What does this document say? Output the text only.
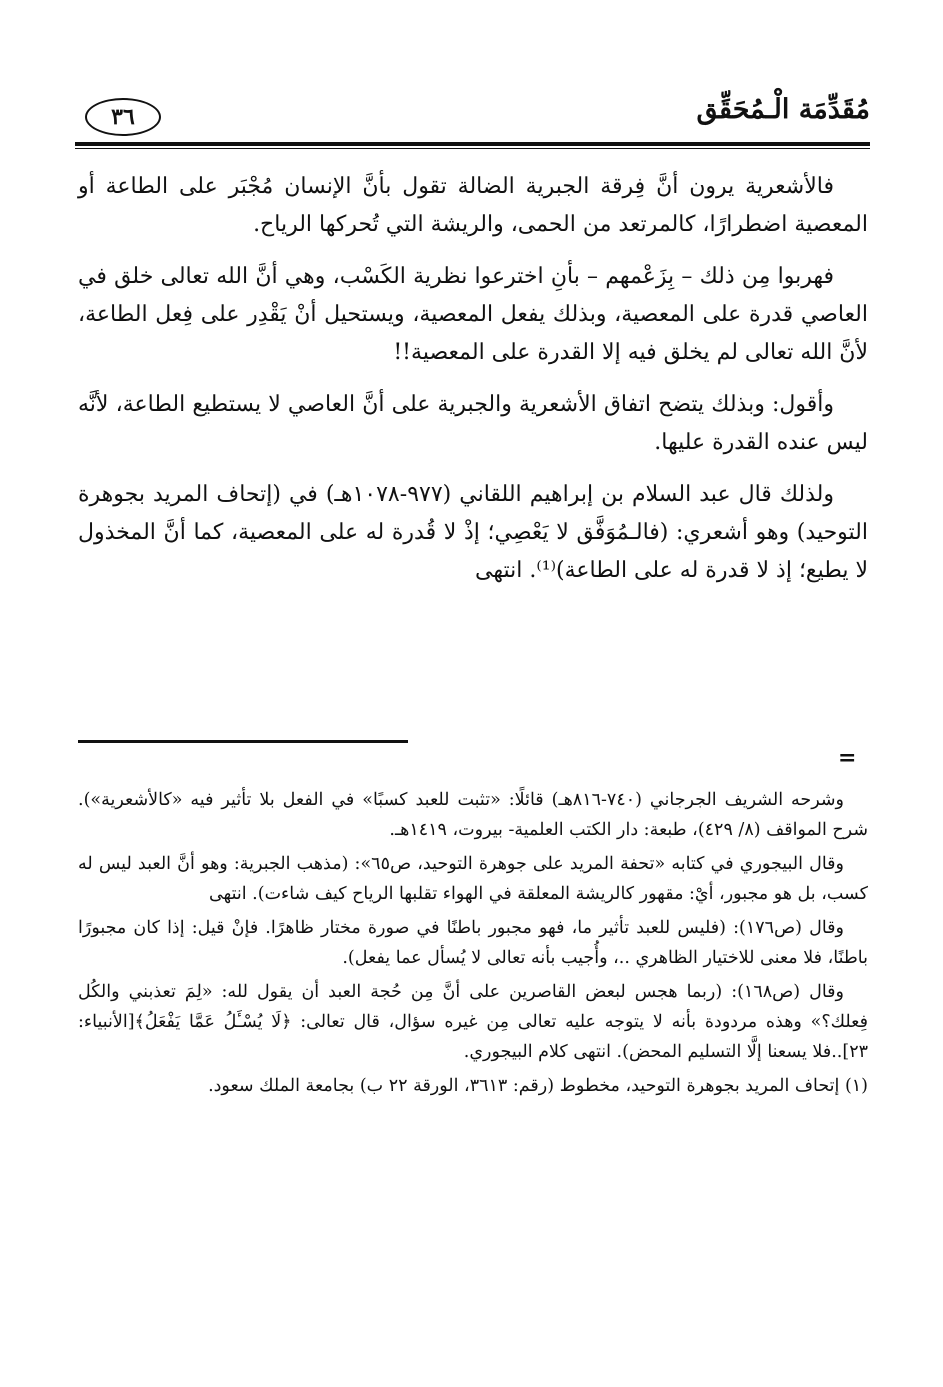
مُقَدِّمَة الْـمُحَقِّق
٣٦

فالأشعرية يرون أنَّ فِرقة الجبرية الضالة تقول بأنَّ الإنسان مُجْبَر على الطاعة أو المعصية اضطرارًا، كالمرتعد من الحمى، والريشة التي تُحركها الرياح.

فهربوا مِن ذلك – بِزَعْمهم – بأنِ اخترعوا نظرية الكَسْب، وهي أنَّ الله تعالى خلق في العاصي قدرة على المعصية، وبذلك يفعل المعصية، ويستحيل أنْ يَقْدِر على فِعل الطاعة، لأنَّ الله تعالى لم يخلق فيه إلا القدرة على المعصية!!

وأقول: وبذلك يتضح اتفاق الأشعرية والجبرية على أنَّ العاصي لا يستطيع الطاعة، لأنَّه ليس عنده القدرة عليها.

ولذلك قال عبد السلام بن إبراهيم اللقاني (٩٧٧-١٠٧٨هـ) في (إتحاف المريد بجوهرة التوحيد) وهو أشعري: (فالـمُوَفَّق لا يَعْصِي؛ إذْ لا قُدرة له على المعصية، كما أنَّ المخذول لا يطيع؛ إذ لا قدرة له على الطاعة)⁽¹⁾. انتهى

=

وشرحه الشريف الجرجاني (٧٤٠-٨١٦هـ) قائلًا: «تثبت للعبد كسبًا» في الفعل بلا تأثير فيه «كالأشعرية»). شرح المواقف (٨/ ٤٢٩)، طبعة: دار الكتب العلمية- بيروت، ١٤١٩هـ.

وقال البيجوري في كتابه «تحفة المريد على جوهرة التوحيد، ص٦٥»: (مذهب الجبرية: وهو أنَّ العبد ليس له كسب، بل هو مجبور، أيْ: مقهور كالريشة المعلقة في الهواء تقلبها الرياح كيف شاءت). انتهى

وقال (ص١٧٦): (فليس للعبد تأثير ما، فهو مجبور باطنًا في صورة مختار ظاهرًا. فإنْ قيل: إذا كان مجبورًا باطنًا، فلا معنى للاختيار الظاهري ..، وأُجيب بأنه تعالى لا يُسأل عما يفعل).

وقال (ص١٦٨): (ربما هجس لبعض القاصرين على أنَّ مِن حُجة العبد أن يقول لله: «لِمَ تعذبني والكُل فِعلك؟» وهذه مردودة بأنه لا يتوجه عليه تعالى مِن غيره سؤال، قال تعالى: ﴿لَا يُسْـَٔلُ عَمَّا يَفْعَلُ﴾[الأنبياء: ٢٣]..فلا يسعنا إلَّا التسليم المحض). انتهى كلام البيجوري.

(١) إتحاف المريد بجوهرة التوحيد، مخطوط (رقم: ٣٦١٣، الورقة ٢٢ ب) بجامعة الملك سعود.
